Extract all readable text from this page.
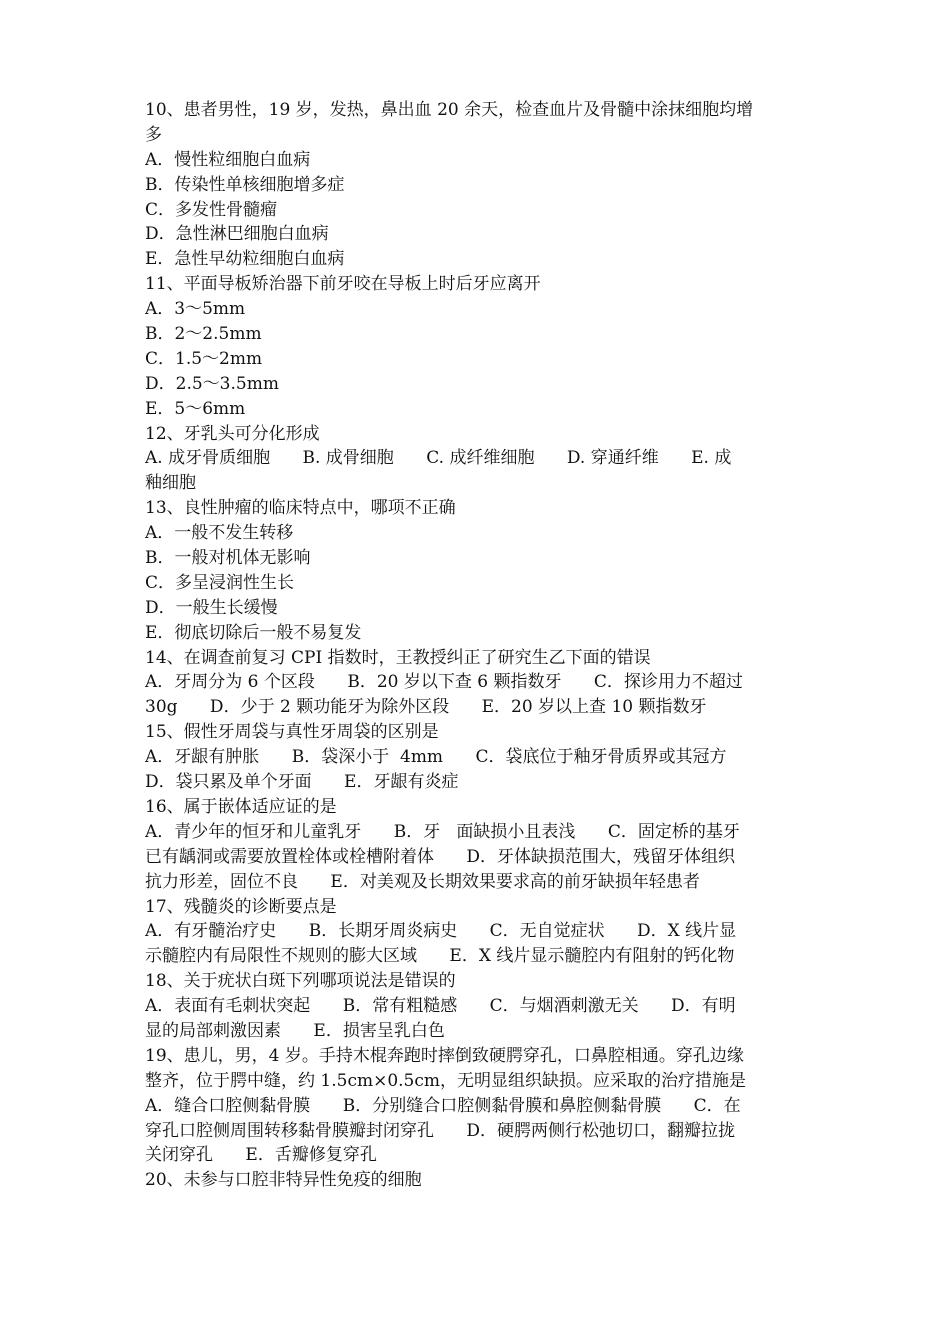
10、患者男性，19 岁，发热，鼻出血 20 余天，检查血片及骨髓中涂抹细胞均增
多
A．慢性粒细胞白血病
B．传染性单核细胞增多症
C．多发性骨髓瘤
D．急性淋巴细胞白血病
E．急性早幼粒细胞白血病
11、平面导板矫治器下前牙咬在导板上时后牙应离开
A．3～5mm
B．2～2.5mm
C．1.5～2mm
D．2.5～3.5mm
E．5～6mm
12、牙乳头可分化形成
A. 成牙骨质细胞      B. 成骨细胞      C. 成纤维细胞      D. 穿通纤维      E. 成
釉细胞
13、良性肿瘤的临床特点中，哪项不正确
A．一般不发生转移
B．一般对机体无影响
C．多呈浸润性生长
D．一般生长缓慢
E．彻底切除后一般不易复发
14、在调查前复习 CPI 指数时，王教授纠正了研究生乙下面的错误
A．牙周分为 6 个区段      B．20 岁以下查 6 颗指数牙      C．探诊用力不超过
30g      D．少于 2 颗功能牙为除外区段      E．20 岁以上查 10 颗指数牙
15、假性牙周袋与真性牙周袋的区别是
A．牙龈有肿胀      B．袋深小于  4mm      C．袋底位于釉牙骨质界或其冠方
D．袋只累及单个牙面      E．牙龈有炎症
16、属于嵌体适应证的是
A．青少年的恒牙和儿童乳牙      B．牙   面缺损小且表浅      C．固定桥的基牙
已有龋洞或需要放置栓体或栓槽附着体      D．牙体缺损范围大，残留牙体组织
抗力形差，固位不良      E．对美观及长期效果要求高的前牙缺损年轻患者
17、残髓炎的诊断要点是
A．有牙髓治疗史      B．长期牙周炎病史      C．无自觉症状      D．X 线片显
示髓腔内有局限性不规则的膨大区域      E．X 线片显示髓腔内有阻射的钙化物
18、关于疣状白斑下列哪项说法是错误的
A．表面有毛刺状突起      B．常有粗糙感      C．与烟酒刺激无关      D．有明
显的局部刺激因素      E．损害呈乳白色
19、患儿，男，4 岁。手持木棍奔跑时摔倒致硬腭穿孔，口鼻腔相通。穿孔边缘
整齐，位于腭中缝，约 1.5cm×0.5cm，无明显组织缺损。应采取的治疗措施是
A．缝合口腔侧黏骨膜      B．分别缝合口腔侧黏骨膜和鼻腔侧黏骨膜      C．在
穿孔口腔侧周围转移黏骨膜瓣封闭穿孔      D．硬腭两侧行松弛切口，翻瓣拉拢
关闭穿孔      E．舌瓣修复穿孔
20、未参与口腔非特异性免疫的细胞
